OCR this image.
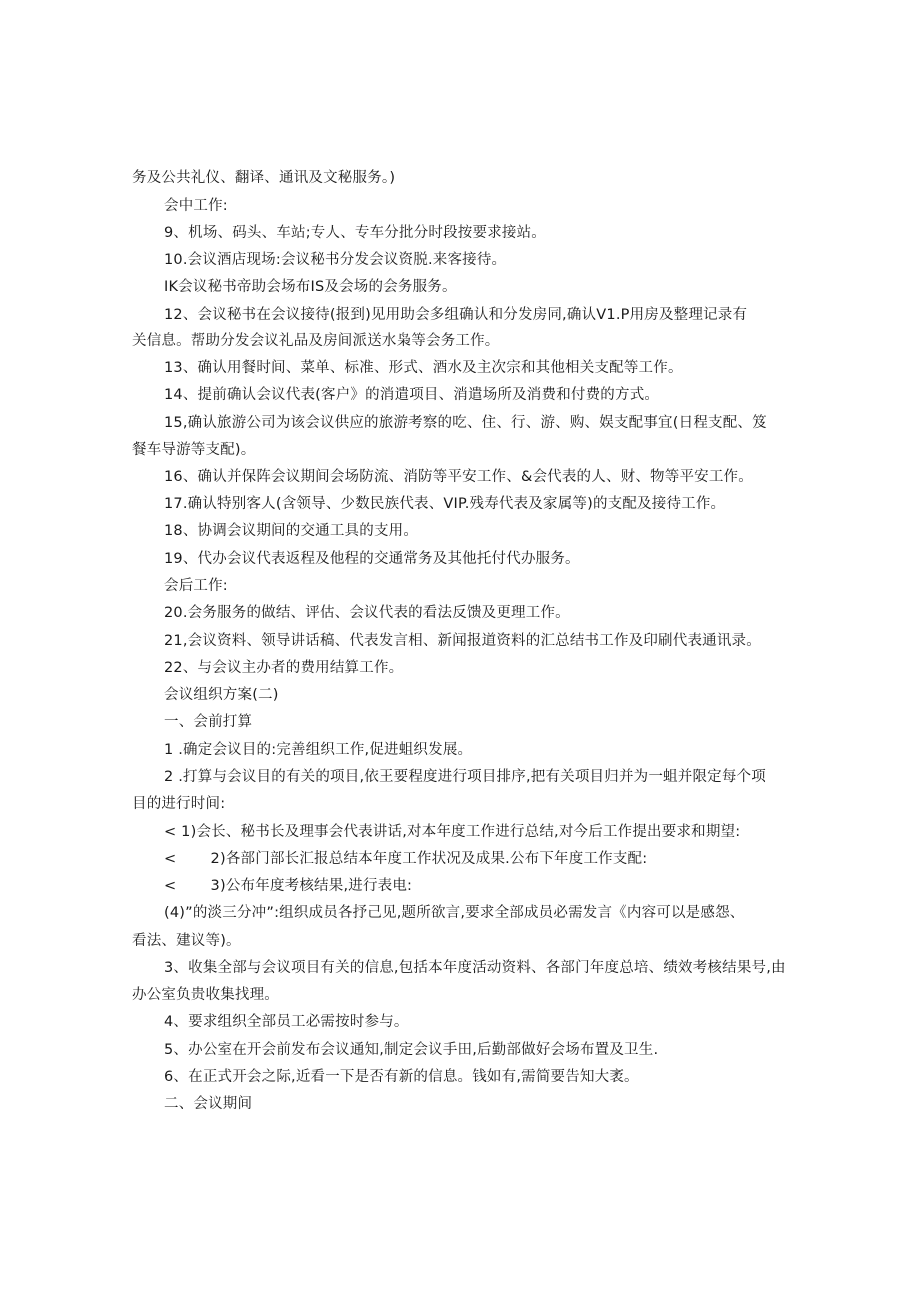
务及公共礼仪、翻译、通讯及文秘服务。)
会中工作:
9、机场、码头、车站;专人、专车分批分时段按要求接站。
10.会议酒店现场:会议秘书分发会议资脱.来客接待。
IK会议秘书帝助会场布IS及会场的会务服务。
12、会议秘书在会议接待(报到)见用助会多组确认和分发房同,确认V1.P用房及整理记录有
关信息。帮助分发会议礼品及房间派送水枭等会务工作。
13、确认用餐时间、菜单、标准、形式、酒水及主次宗和其他相关支配等工作。
14、提前确认会议代表(客户》的消遣项目、消遣场所及消费和付费的方式。
15,确认旅游公司为该会议供应的旅游考察的吃、住、行、游、购、娱支配事宜(日程支配、笈
餐车导游等支配)。
16、确认并保阵会议期间会场防流、消防等平安工作、&会代表的人、财、物等平安工作。
17.确认特别客人(含领导、少数民族代表、VIP.残寿代表及家属等)的支配及接待工作。
18、协调会议期间的交通工具的支用。
19、代办会议代表返程及他程的交通常务及其他托付代办服务。
会后工作:
20.会务服务的做结、评估、会议代表的看法反馈及更理工作。
21,会议资料、领导讲话稿、代表发言相、新闻报道资料的汇总结书工作及印刷代表通讯录。
22、与会议主办者的费用结算工作。
会议组织方案(二)
一、会前打算
1 .确定会议目的:完善组织工作,促进蛆织发展。
2 .打算与会议目的有关的项目,依王要程度进行项目排序,把有关项目归并为一蛆并限定每个项
目的进行时间:
< 1)会长、秘书长及理事会代表讲话,对本年度工作进行总结,对今后工作提出要求和期望:
<　　 2)各部门部长汇报总结本年度工作状况及成果.公布下年度工作支配:
<　　 3)公布年度考核结果,进行表电:
(4)”的淡三分冲”:组织成员各抒己见,题所欲言,要求全部成员必需发言《内容可以是感怨、
看法、建议等)。
3、收集全部与会议项目有关的信息,包括本年度活动资料、各部门年度总培、绩效考核结果号,由
办公室负贵收集找理。
4、要求组织全部员工必需按时参与。
5、办公室在开会前发布会议通知,制定会议手田,后勤部做好会场布置及卫生.
6、在正式开会之际,近看一下是否有新的信息。钱如有,需简要告知大袤。
二、会议期间
